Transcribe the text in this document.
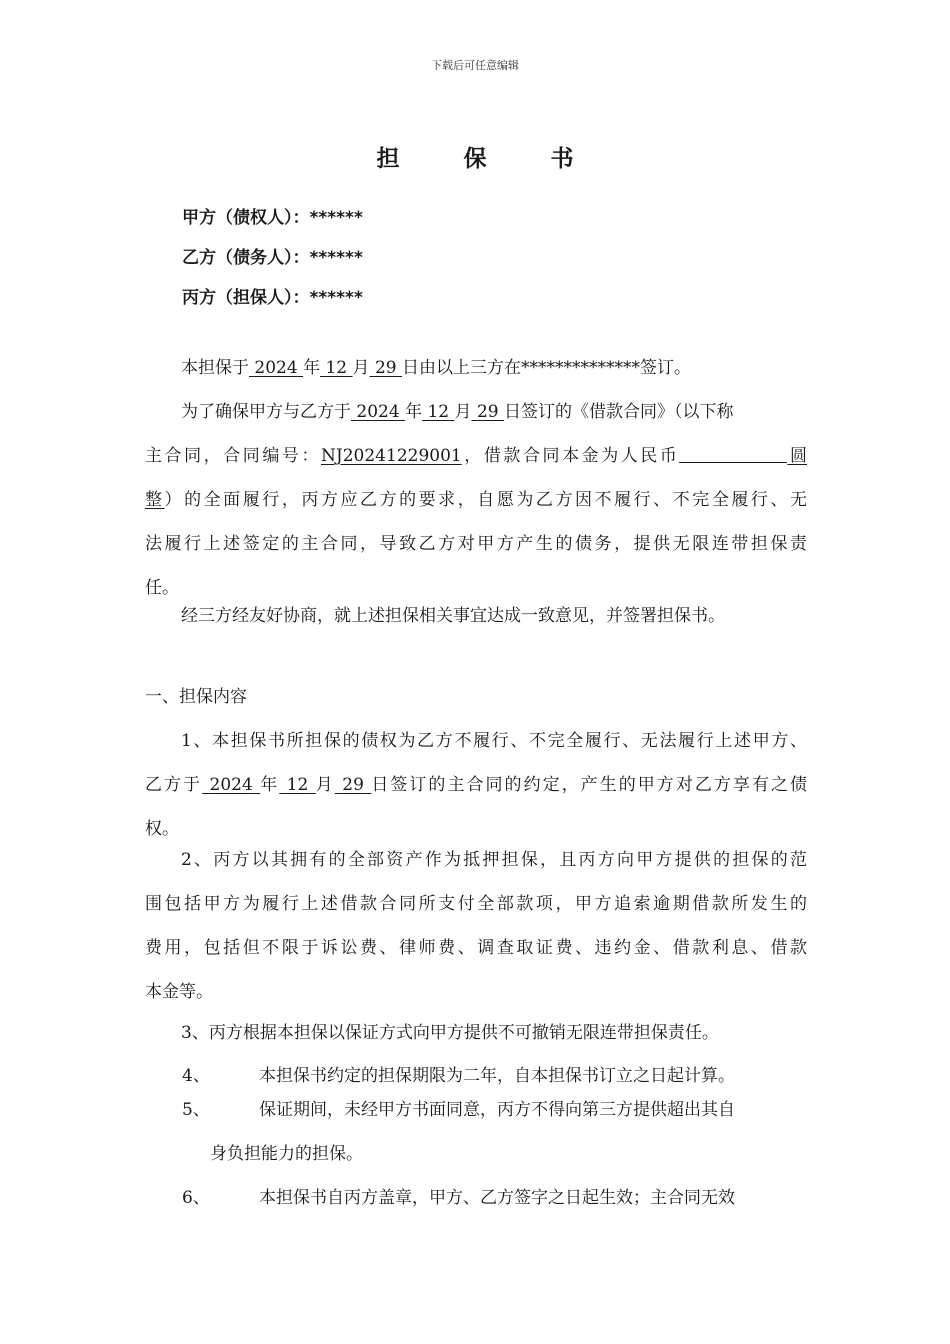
下载后可任意编辑
担 保 书
甲方（债权人）：******
乙方（债务人）：******
丙方（担保人）：******
本担保于 2024 年 12 月 29 日由以上三方在**************签订。
为了确保甲方与乙方于 2024 年 12 月 29 日签订的《借款合同》（以下称
主合同，合同编号：NJ20241229001，借款合同本金为人民币	圆
整）的全面履行，丙方应乙方的要求，自愿为乙方因不履行、不完全履行、无
法履行上述签定的主合同，导致乙方对甲方产生的债务，提供无限连带担保责
任。
经三方经友好协商，就上述担保相关事宜达成一致意见，并签署担保书。
一、担保内容
1、本担保书所担保的债权为乙方不履行、不完全履行、无法履行上述甲方、
乙方于 2024 年 12 月 29 日签订的主合同的约定，产生的甲方对乙方享有之债
权。
2、丙方以其拥有的全部资产作为抵押担保，且丙方向甲方提供的担保的范
围包括甲方为履行上述借款合同所支付全部款项，甲方追索逾期借款所发生的
费用，包括但不限于诉讼费、律师费、调查取证费、违约金、借款利息、借款
本金等。
3、丙方根据本担保以保证方式向甲方提供不可撤销无限连带担保责任。
4、	本担保书约定的担保期限为二年，自本担保书订立之日起计算。
5、	保证期间，未经甲方书面同意，丙方不得向第三方提供超出其自
身负担能力的担保。
6、	本担保书自丙方盖章，甲方、乙方签字之日起生效；主合同无效
